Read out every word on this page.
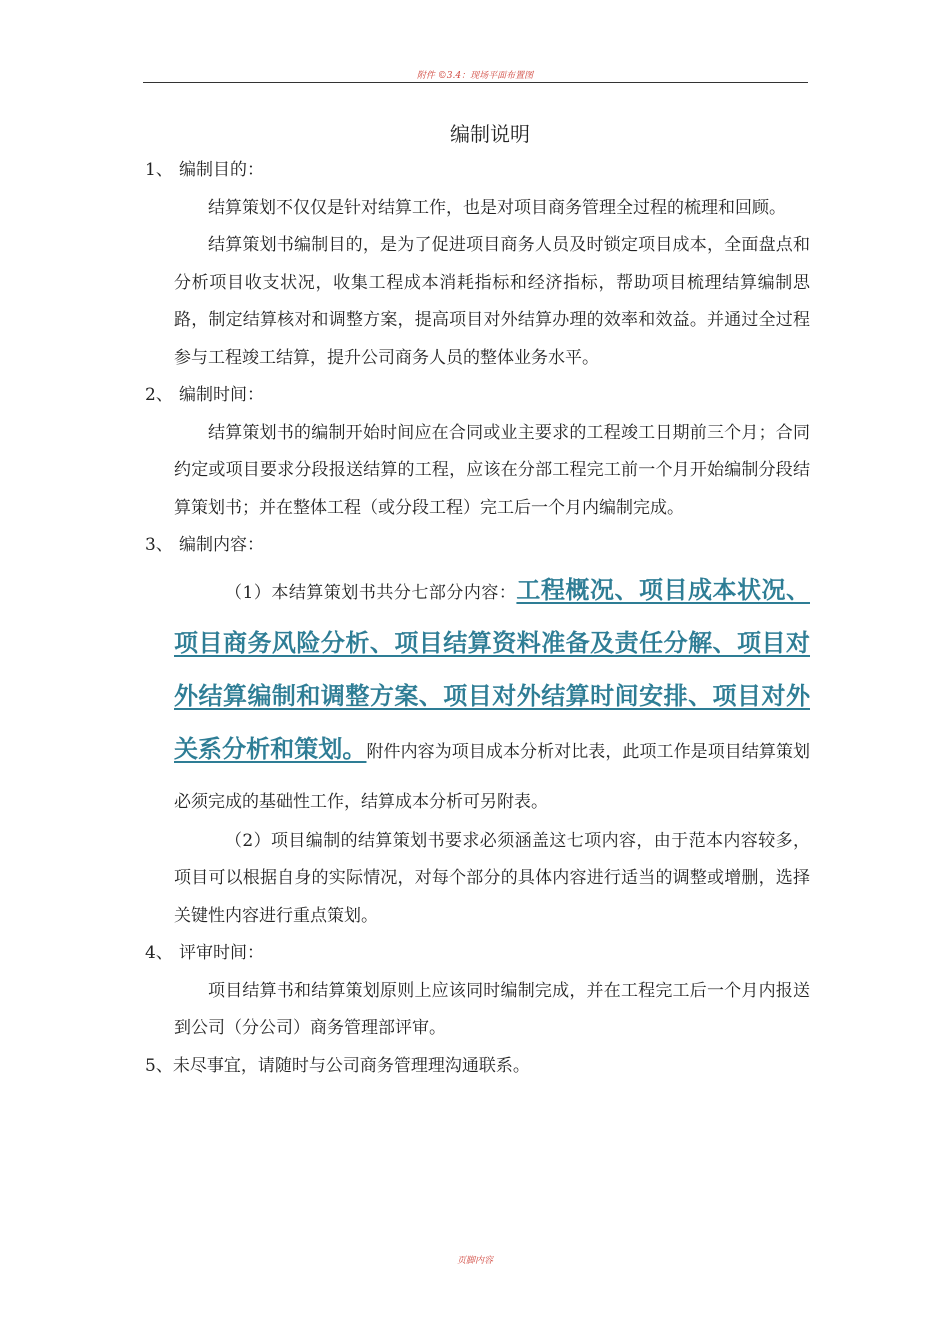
附件 ©3.4：现场平面布置图
编制说明

1、 编制目的：

结算策划不仅仅是针对结算工作，也是对项目商务管理全过程的梳理和回顾。

结算策划书编制目的，是为了促进项目商务人员及时锁定项目成本，全面盘点和分析项目收支状况，收集工程成本消耗指标和经济指标，帮助项目梳理结算编制思路，制定结算核对和调整方案，提高项目对外结算办理的效率和效益。并通过全过程参与工程竣工结算，提升公司商务人员的整体业务水平。

2、 编制时间：

结算策划书的编制开始时间应在合同或业主要求的工程竣工日期前三个月；合同约定或项目要求分段报送结算的工程，应该在分部工程完工前一个月开始编制分段结算策划书；并在整体工程（或分段工程）完工后一个月内编制完成。

3、 编制内容：

（1）本结算策划书共分七部分内容：工程概况、项目成本状况、项目商务风险分析、项目结算资料准备及责任分解、项目对外结算编制和调整方案、项目对外结算时间安排、项目对外关系分析和策划。附件内容为项目成本分析对比表，此项工作是项目结算策划必须完成的基础性工作，结算成本分析可另附表。

（2）项目编制的结算策划书要求必须涵盖这七项内容，由于范本内容较多，项目可以根据自身的实际情况，对每个部分的具体内容进行适当的调整或增删，选择关键性内容进行重点策划。

4、 评审时间：

项目结算书和结算策划原则上应该同时编制完成，并在工程完工后一个月内报送到公司（分公司）商务管理部评审。

5、未尽事宜，请随时与公司商务管理理沟通联系。

页脚内容
